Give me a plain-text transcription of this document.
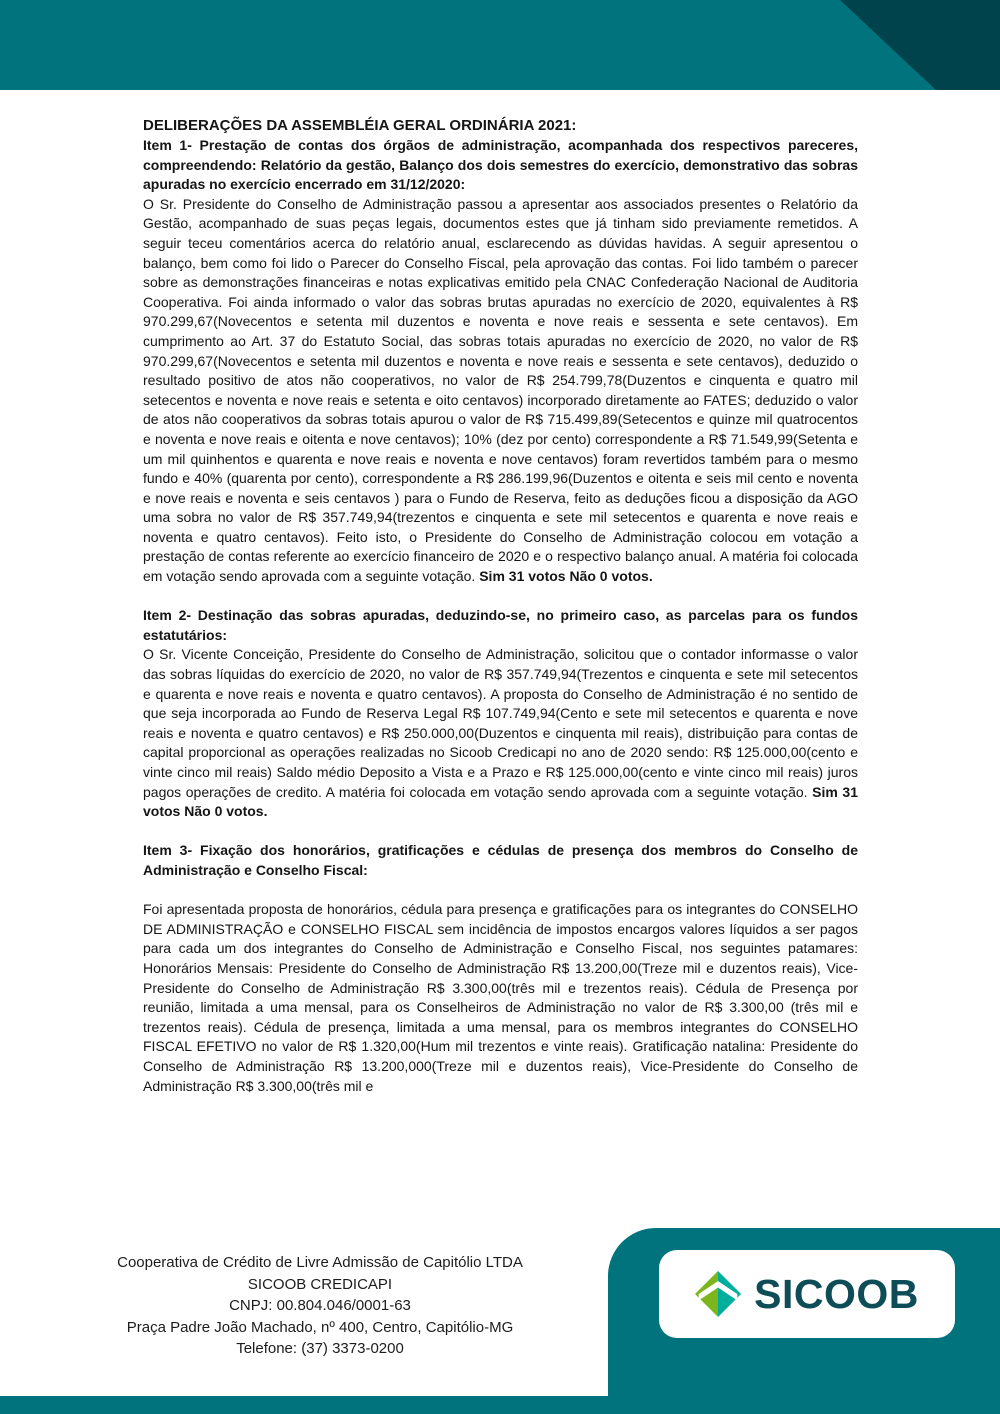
DELIBERAÇÕES DA ASSEMBLÉIA GERAL ORDINÁRIA 2021:

Item 1- Prestação de contas dos órgãos de administração, acompanhada dos respectivos pareceres, compreendendo: Relatório da gestão, Balanço dos dois semestres do exercício, demonstrativo das sobras apuradas no exercício encerrado em 31/12/2020:

O Sr. Presidente do Conselho de Administração passou a apresentar aos associados presentes o Relatório da Gestão, acompanhado de suas peças legais, documentos estes que já tinham sido previamente remetidos. A seguir teceu comentários acerca do relatório anual, esclarecendo as dúvidas havidas. A seguir apresentou o balanço, bem como foi lido o Parecer do Conselho Fiscal, pela aprovação das contas. Foi lido também o parecer sobre as demonstrações financeiras e notas explicativas emitido pela CNAC Confederação Nacional de Auditoria Cooperativa. Foi ainda informado o valor das sobras brutas apuradas no exercício de 2020, equivalentes à R$ 970.299,67(Novecentos e setenta mil duzentos e noventa e nove reais e sessenta e sete centavos). Em cumprimento ao Art. 37 do Estatuto Social, das sobras totais apuradas no exercício de 2020, no valor de R$ 970.299,67(Novecentos e setenta mil duzentos e noventa e nove reais e sessenta e sete centavos), deduzido o resultado positivo de atos não cooperativos, no valor de R$ 254.799,78(Duzentos e cinquenta e quatro mil setecentos e noventa e nove reais e setenta e oito centavos) incorporado diretamente ao FATES; deduzido o valor de atos não cooperativos da sobras totais apurou o valor de R$ 715.499,89(Setecentos e quinze mil quatrocentos e noventa e nove reais e oitenta e nove centavos); 10% (dez por cento) correspondente a R$ 71.549,99(Setenta e um mil quinhentos e quarenta e nove reais e noventa e nove centavos) foram revertidos também para o mesmo fundo e 40% (quarenta por cento), correspondente a R$ 286.199,96(Duzentos e oitenta e seis mil cento e noventa e nove reais e noventa e seis centavos ) para o Fundo de Reserva, feito as deduções ficou a disposição da AGO uma sobra no valor de R$ 357.749,94(trezentos e cinquenta e sete mil setecentos e quarenta e nove reais e noventa e quatro centavos). Feito isto, o Presidente do Conselho de Administração colocou em votação a prestação de contas referente ao exercício financeiro de 2020 e o respectivo balanço anual. A matéria foi colocada em votação sendo aprovada com a seguinte votação. Sim 31 votos Não 0 votos.

Item 2- Destinação das sobras apuradas, deduzindo-se, no primeiro caso, as parcelas para os fundos estatutários:

O Sr. Vicente Conceição, Presidente do Conselho de Administração, solicitou que o contador informasse o valor das sobras líquidas do exercício de 2020, no valor de R$ 357.749,94(Trezentos e cinquenta e sete mil setecentos e quarenta e nove reais e noventa e quatro centavos). A proposta do Conselho de Administração é no sentido de que seja incorporada ao Fundo de Reserva Legal R$ 107.749,94(Cento e sete mil setecentos e quarenta e nove reais e noventa e quatro centavos) e R$ 250.000,00(Duzentos e cinquenta mil reais), distribuição para contas de capital proporcional as operações realizadas no Sicoob Credicapi no ano de 2020 sendo: R$ 125.000,00(cento e vinte cinco mil reais) Saldo médio Deposito a Vista e a Prazo e R$ 125.000,00(cento e vinte cinco mil reais) juros pagos operações de credito. A matéria foi colocada em votação sendo aprovada com a seguinte votação. Sim 31 votos Não 0 votos.

Item 3- Fixação dos honorários, gratificações e cédulas de presença dos membros do Conselho de Administração e Conselho Fiscal:

Foi apresentada proposta de honorários, cédula para presença e gratificações para os integrantes do CONSELHO DE ADMINISTRAÇÃO e CONSELHO FISCAL sem incidência de impostos encargos valores líquidos a ser pagos para cada um dos integrantes do Conselho de Administração e Conselho Fiscal, nos seguintes patamares: Honorários Mensais: Presidente do Conselho de Administração R$ 13.200,00(Treze mil e duzentos reais), Vice-Presidente do Conselho de Administração R$ 3.300,00(três mil e trezentos reais). Cédula de Presença por reunião, limitada a uma mensal, para os Conselheiros de Administração no valor de R$ 3.300,00 (três mil e trezentos reais). Cédula de presença, limitada a uma mensal, para os membros integrantes do CONSELHO FISCAL EFETIVO no valor de R$ 1.320,00(Hum mil trezentos e vinte reais). Gratificação natalina: Presidente do Conselho de Administração R$ 13.200,000(Treze mil e duzentos reais), Vice-Presidente do Conselho de Administração R$ 3.300,00(três mil e

Cooperativa de Crédito de Livre Admissão de Capitólio LTDA
SICOOB CREDICAPI
CNPJ: 00.804.046/0001-63
Praça Padre João Machado, nº 400, Centro, Capitólio-MG
Telefone: (37) 3373-0200
SICOOB
